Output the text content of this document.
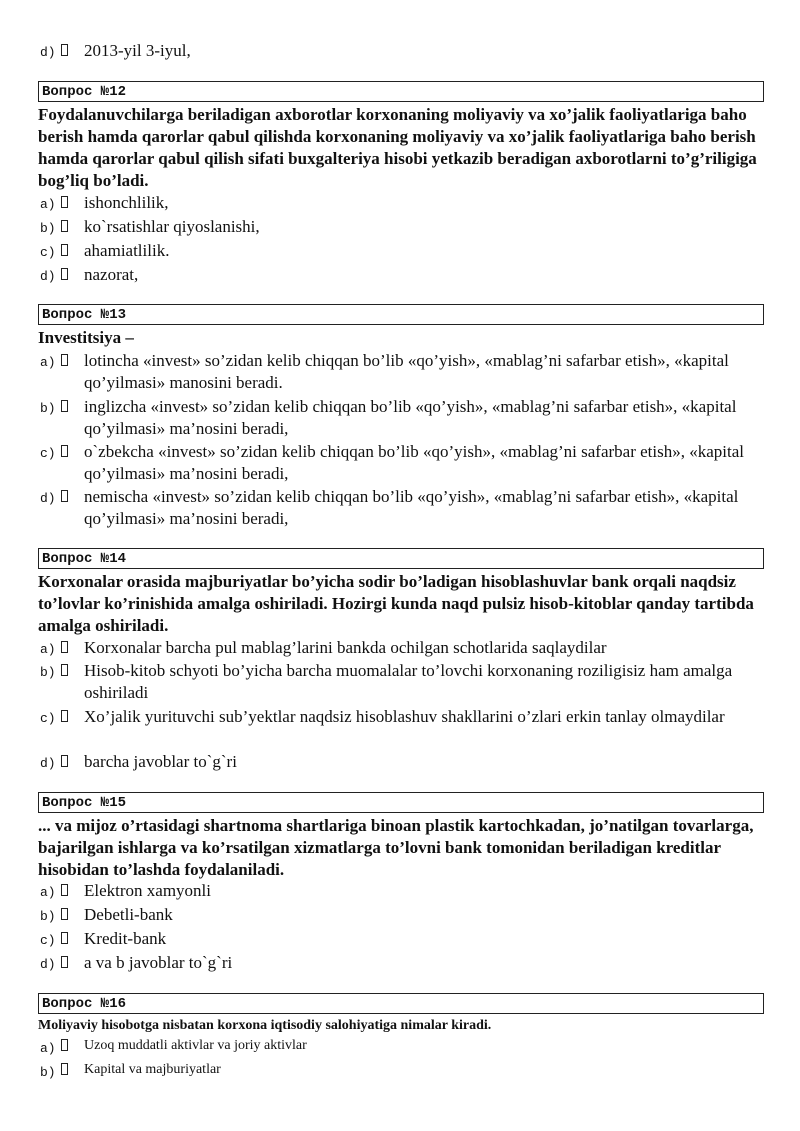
d) 2013-yil 3-iyul,
Вопрос №12
Foydalanuvchilarga beriladigan axborotlar korxonaning moliyaviy va xo’jalik faoliyatlariga baho berish hamda qarorlar qabul qilishda korxonaning moliyaviy va xo’jalik faoliyatlariga baho berish hamda qarorlar qabul qilish sifati buxgalteriya hisobi yetkazib beradigan axborotlarni to’g’riligiga bog’liq bo’ladi.
a) ishonchlilik,
b) ko`rsatishlar qiyoslanishi,
c) ahamiatlilik.
d) nazorat,
Вопрос №13
Investitsiya –
a) lotincha «invest» so’zidan kelib chiqqan bo’lib «qo’yish», «mablag’ni safarbar etish», «kapital qo’yilmasi» manosini beradi.
b) inglizcha «invest» so’zidan kelib chiqqan bo’lib «qo’yish», «mablag’ni safarbar etish», «kapital qo’yilmasi» ma’nosini beradi,
c) o`zbekcha «invest» so’zidan kelib chiqqan bo’lib «qo’yish», «mablag’ni safarbar etish», «kapital qo’yilmasi» ma’nosini beradi,
d) nemischa «invest» so’zidan kelib chiqqan bo’lib «qo’yish», «mablag’ni safarbar etish», «kapital qo’yilmasi» ma’nosini beradi,
Вопрос №14
Korxonalar orasida majburiyatlar bo’yicha sodir bo’ladigan hisoblashuvlar bank orqali naqdsiz to’lovlar ko’rinishida amalga oshiriladi. Hozirgi kunda naqd pulsiz hisob-kitoblar qanday tartibda amalga oshiriladi.
a) Korxonalar barcha pul mablag’larini bankda ochilgan schotlarida saqlaydilar
b) Hisob-kitob schyoti bo’yicha barcha muomalalar to’lovchi korxonaning roziligisiz ham amalga oshiriladi
c) Xo’jalik yurituvchi sub’yektlar naqdsiz hisoblashuv shakllarini o’zlari erkin tanlay olmaydilar
d) barcha javoblar to`g`ri
Вопрос №15
... va mijoz o’rtasidagi shartnoma shartlariga binoan plastik kartochkadan, jo’natilgan tovarlarga, bajarilgan ishlarga va ko’rsatilgan xizmatlarga to’lovni bank tomonidan beriladigan kreditlar hisobidan to’lashda foydalaniladi.
a) Elektron xamyonli
b) Debetli-bank
c) Kredit-bank
d) a va b javoblar to`g`ri
Вопрос №16
Moliyaviy hisobotga nisbatan korxona iqtisodiy salohiyatiga nimalar kiradi.
a) Uzoq muddatli aktivlar va joriy aktivlar
b) Kapital va majburiyatlar
